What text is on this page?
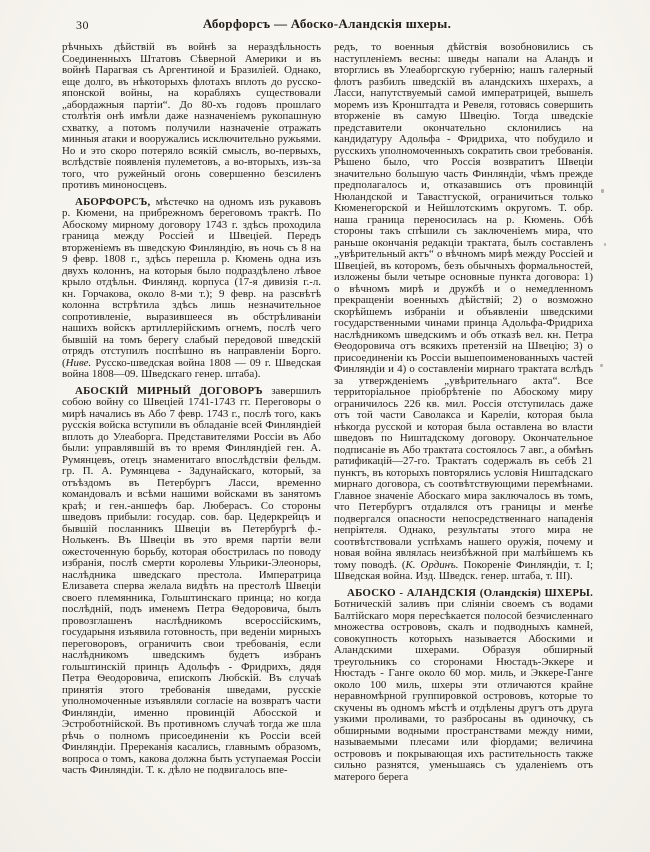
30	Аборфорсъ — Абоско-Аландскія шхеры.

рѣчныхъ дѣйствій въ войнѣ за нераздѣльность Соединенныхъ Штатовъ Сѣверной Америки и въ войнѣ Парагвая съ Аргентиной и Бразиліей. Однако, еще долго, въ нѣкоторыхъ флотахъ вплоть до русско-японской войны, на корабляхъ существовали „абордажныя партіи“. До 80-хъ годовъ прошлаго столѣтія онѣ имѣли даже назначеніемъ рукопашную схватку, а потомъ получили назначеніе отражать минныя атаки и вооружались исключительно ружьями. Но и это скоро потеряло всякій смыслъ, во-первыхъ, вслѣдствіе появленія пулеметовъ, а во-вторыхъ, изъ-за того, что ружейный огонь совершенно безсиленъ противъ миноносцевъ.

АБОРФОРСЪ, мѣстечко на одномъ изъ рукавовъ р. Кюмени, на прибрежномъ береговомъ трактѣ. По Абоскому мирному договору 1743 г. здѣсь проходила граница между Россіей и Швеціей. Передъ вторженіемъ въ шведскую Финляндію, въ ночь съ 8 на 9 февр. 1808 г., здѣсь перешла р. Кюмень одна изъ двухъ колоннъ, на которыя было подраздѣлено лѣвое крыло отдѣльн. Финлянд. корпуса (17-я дивизія г.-л. кн. Горчакова, около 8-ми т.); 9 февр. на разсвѣтѣ колонна встрѣтила здѣсь лишь незначительное сопротивленіе, выразившееся въ обстрѣливаніи нашихъ войскъ артиллерійскимъ огнемъ, послѣ чего бывшій на томъ берегу слабый передовой шведскій отрядъ отступилъ поспѣшно въ направленіи Борго. (Ниве. Русско-шведская война 1808 — 09 г. Шведская война 1808—09. Шведскаго генер. штаба).

АБОСКІЙ МИРНЫЙ ДОГОВОРЪ завершилъ собою войну со Швеціей 1741-1743 гг. Переговоры о мирѣ начались въ Або 7 февр. 1743 г., послѣ того, какъ русскія войска вступили въ обладаніе всей Финляндіей вплоть до Улеаборга. Представителями Россіи въ Або были: управлявшій въ то время Финляндіей ген. А. Румянцевъ, отецъ знаменитаго впослѣдствіи фельдм. гр. П. А. Румянцева - Задунайскаго, который, за отъѣздомъ въ Петербургъ Ласси, временно командовалъ и всѣми нашими войсками въ занятомъ краѣ; и ген.-аншефъ бар. Люберасъ. Со стороны шведовъ прибыли: государ. сов. бар. Цедеркрейцъ и бывшій посланникъ Швеціи въ Петербургѣ ф.-Нолькенъ. Въ Швеціи въ это время партіи вели ожесточенную борьбу, которая обострилась по поводу избранія, послѣ смерти королевы Ульрики-Элеоноры, наслѣдника шведскаго престола. Императрица Елизавета сперва желала видѣть на престолѣ Швеціи своего племянника, Гольштинскаго принца; но когда послѣдній, подъ именемъ Петра Ѳедоровича, былъ провозглашенъ наслѣдникомъ всероссійскимъ, государыня изъявила готовность, при веденіи мирныхъ переговоровъ, ограничить свои требованія, если наслѣдникомъ шведскимъ будетъ избранъ гольштинскій принцъ Адольфъ - Фридрихъ, дядя Петра Ѳеодоровича, епископъ Любскій. Въ случаѣ принятія этого требованія шведами, русскіе уполномоченные изъявляли согласіе на возвратъ части Финляндіи, именно провинцій Абосской и Эстроботнійской. Въ противномъ случаѣ тогда же шла рѣчь о полномъ присоединеніи къ Россіи всей Финляндіи. Пререканія касались, главнымъ образомъ, вопроса о томъ, какова должна быть уступаемая Россіи часть Финляндіи. Т. к. дѣло не подвигалось впе-

редъ, то военныя дѣйствія возобновились съ наступленіемъ весны: шведы напали на Аландъ и вторглись въ Улеаборгскую губернію; нашъ галерный флотъ разбилъ шведскій въ аландскихъ шхерахъ, а Ласси, напутствуемый самой императрицей, вышелъ моремъ изъ Кронштадта и Ревеля, готовясь совершить вторженіе въ самую Швецію. Тогда шведскіе представители окончательно склонились на кандидатуру Адольфа - Фридриха, что побудило и русскихъ уполномоченныхъ сократить свои требованія. Рѣшено было, что Россія возвратитъ Швеціи значительно большую часть Финляндіи, чѣмъ прежде предполагалось и, отказавшись отъ провинцій Нюландской и Тавастгуской, ограничиться только Кюменегорской и Нейшлотскимъ округомъ. Т. обр. наша граница переносилась на р. Кюмень. Обѣ стороны такъ спѣшили съ заключеніемъ мира, что раньше окончанія редакціи трактата, былъ составленъ „увѣрительный актъ“ о вѣчномъ мирѣ между Россіей и Швеціей, въ которомъ, безъ обычныхъ формальностей, изложены были четыре основные пункта договора: 1) о вѣчномъ мирѣ и дружбѣ и о немедленномъ прекращеніи военныхъ дѣйствій; 2) о возможно скорѣйшемъ избраніи и объявленіи шведскими государственными чинами принца Адольфа-Фридриха наслѣдникомъ шведскимъ и объ отказѣ вел. кн. Петра Ѳеодоровича отъ всякихъ претензій на Швецію; 3) о присоединеніи къ Россіи вышепоименованныхъ частей Финляндіи и 4) о составленіи мирнаго трактата вслѣдъ за утвержденіемъ „увѣрительнаго акта“. Все территоріальное пріобрѣтеніе по Абоскому миру ограничилось 226 кв. мил. Россія отступилась даже отъ той части Саволакса и Кареліи, которая была нѣкогда русской и которая была оставлена во власти шведовъ по Ништадскому договору. Окончательное подписаніе въ Або трактата состоялось 7 авг., а обмѣнъ ратификацій—27-го. Трактатъ содержалъ въ себѣ 21 пунктъ, въ которыхъ повторялись условія Ништадскаго мирнаго договора, съ соотвѣтствующими перемѣнами. Главное значеніе Абоскаго мира заключалось въ томъ, что Петербургъ отдалялся отъ границы и менѣе подвергался опасности непосредственнаго нападенія непріятеля. Однако, результаты этого мира не соотвѣтствовали успѣхамъ нашего оружія, почему и новая война являлась неизбѣжной при малѣйшемъ къ тому поводѣ. (К. Ординъ. Покореніе Финляндіи, т. I; Шведская война. Изд. Шведск. генер. штаба, т. III).

АБОСКО - АЛАНДСКІЯ (Оландскія) ШХЕРЫ. Ботническій заливъ при сліяніи своемъ съ водами Балтійскаго моря пересѣкается полосой безчисленнаго множества острововъ, скалъ и подводныхъ камней, совокупность которыхъ называется Абоскими и Аландскими шхерами. Образуя обширный треугольникъ со сторонами Нюстадъ-Эккере и Нюстадъ - Ганге около 60 мор. миль, и Эккере-Ганге около 100 миль, шхеры эти отличаются крайне неравномѣрной группировкой острововъ, которые то скучены въ одномъ мѣстѣ и отдѣлены другъ отъ друга узкими проливами, то разбросаны въ одиночку, съ обширными водными пространствами между ними, называемыми плесами или фіордами; величина острововъ и покрывающая ихъ растительность также сильно разнятся, уменьшаясь съ удаленіемъ отъ матерого берега
